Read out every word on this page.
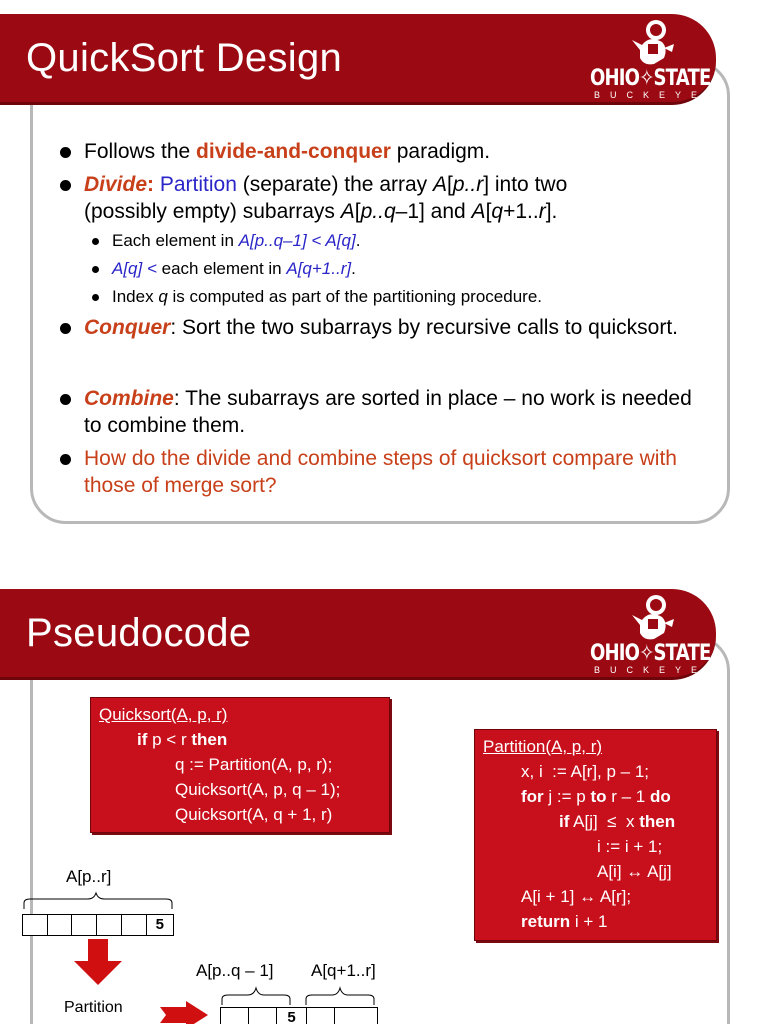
QuickSort Design	OHIO✧STATE
BUCKEYES
Follows the divide-and-conquer paradigm.
Divide: Partition (separate) the array A[p..r] into two
(possibly empty) subarrays A[p..q–1] and A[q+1..r].
Each element in A[p..q–1] < A[q].
A[q] < each element in A[q+1..r].
Index q is computed as part of the partitioning procedure.
Conquer: Sort the two subarrays by recursive calls to quicksort.
Combine: The subarrays are sorted in place – no work is needed to combine them.
How do the divide and combine steps of quicksort compare with those of merge sort?
Pseudocode	OHIO✧STATE
BUCKEYES
Quicksort(A, p, r)
if p < r then
q := Partition(A, p, r);
Quicksort(A, p, q – 1);
Quicksort(A, q + 1, r)
Partition(A, p, r)
x, i  := A[r], p – 1;
for j := p to r – 1 do
if A[j]  ≤  x then
i := i + 1;
A[i] ↔ A[j]
A[i + 1] ↔ A[r];
return i + 1
A[p..r]
5
A[p..q – 1] A[q+1..r]
Partition
5
